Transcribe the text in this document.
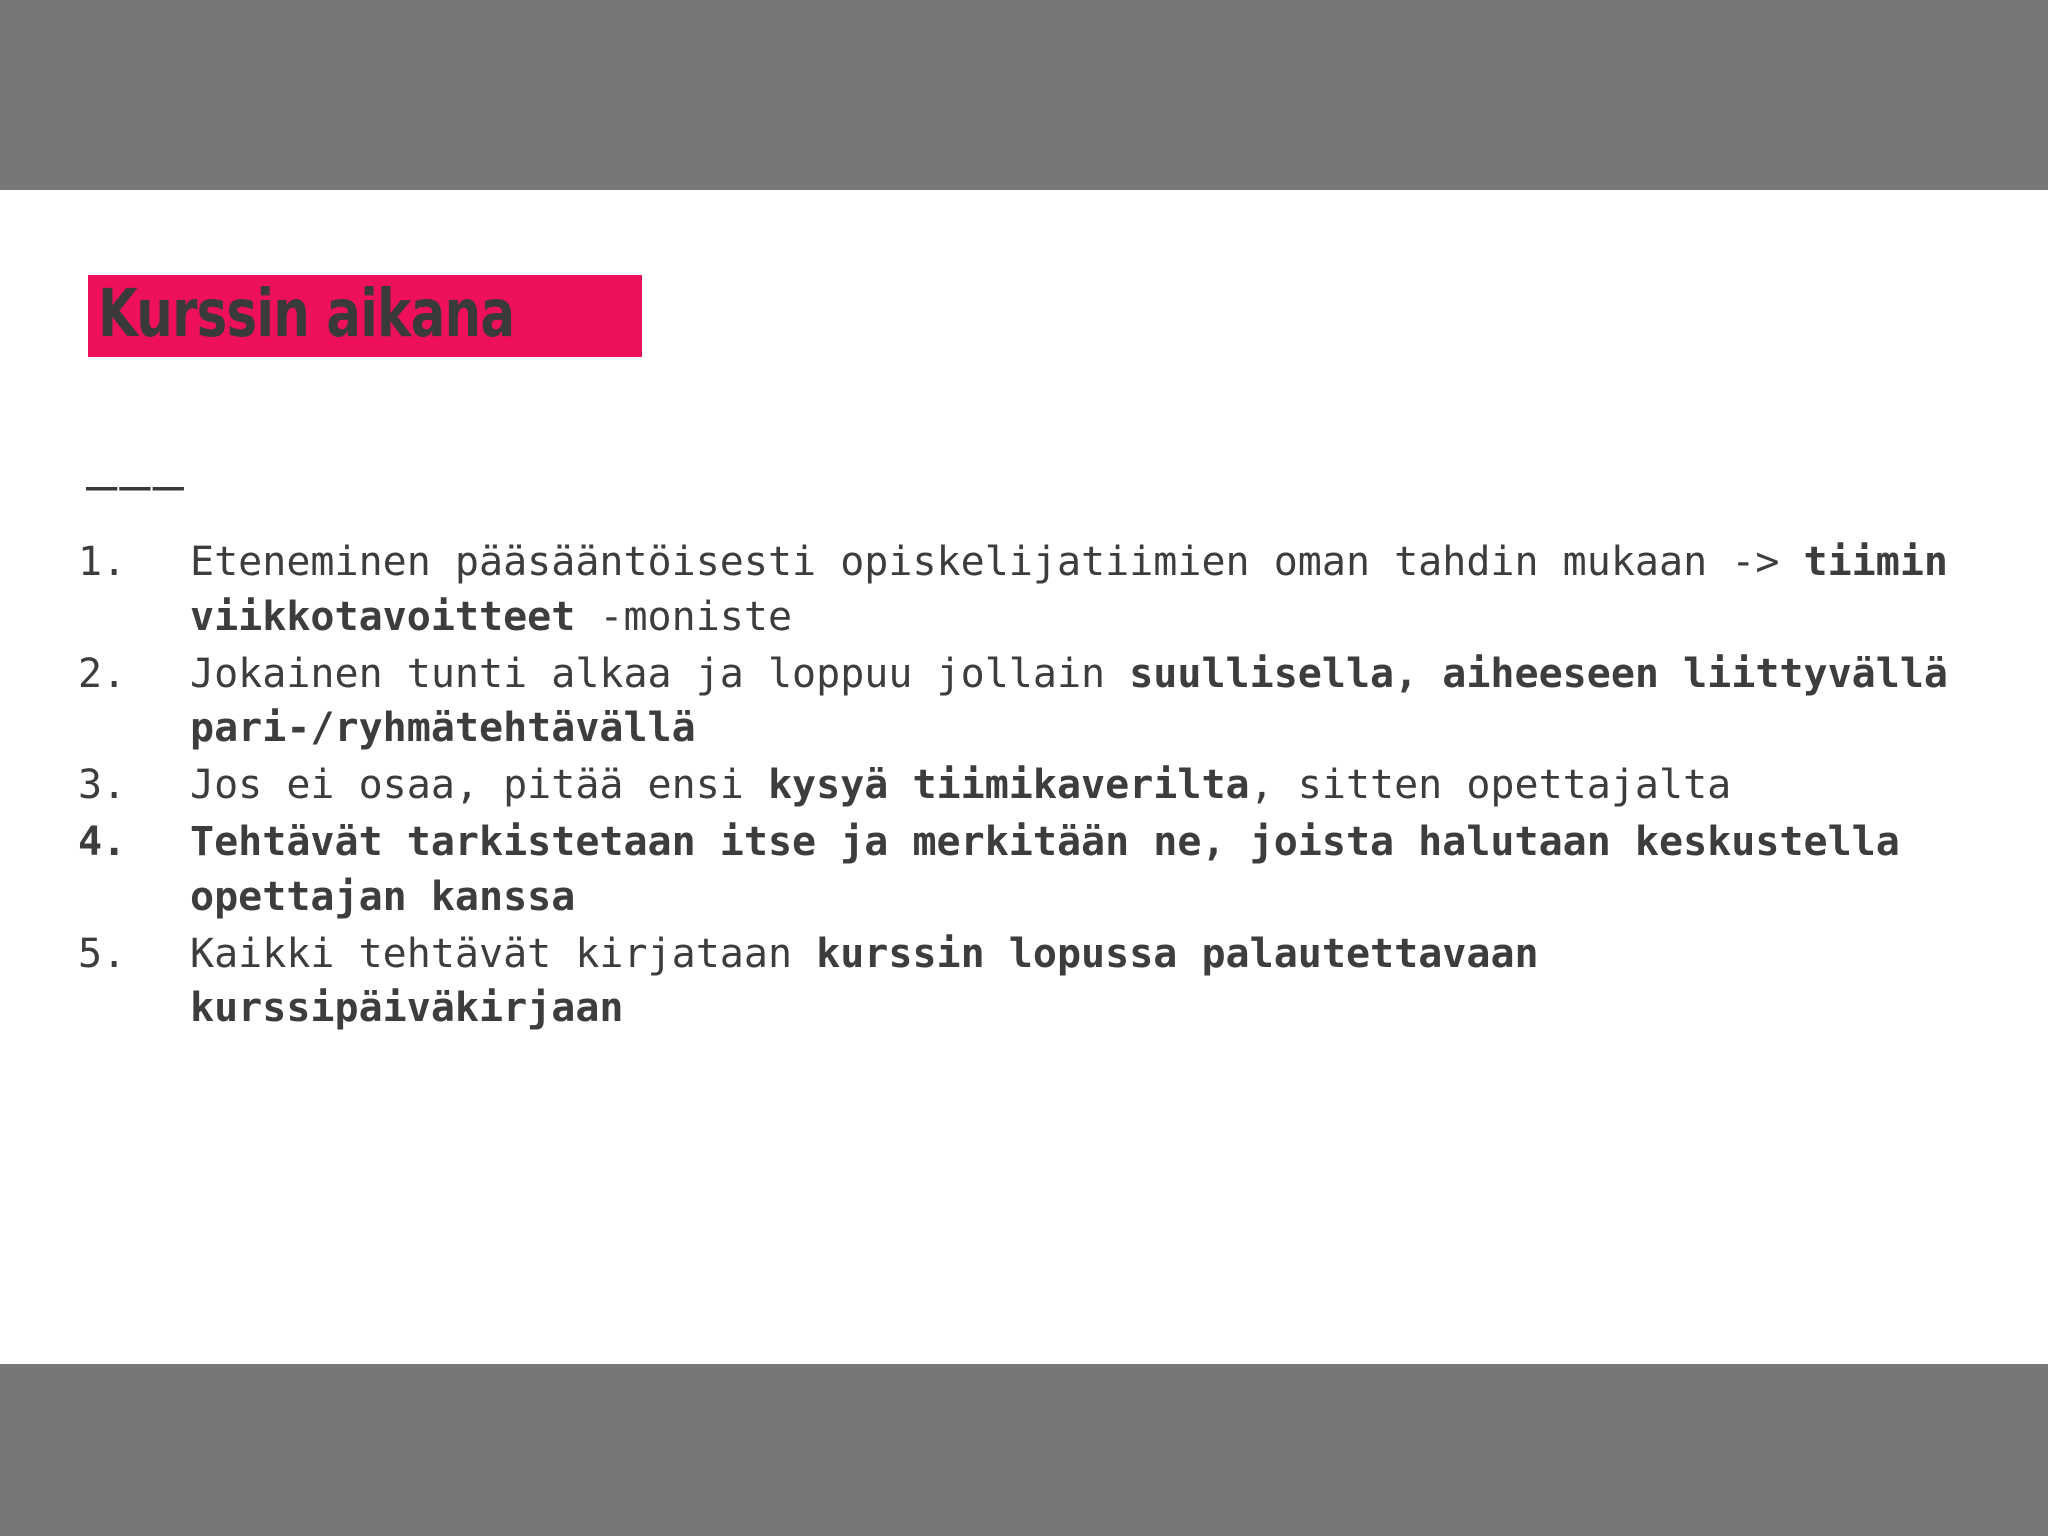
Kurssin aikana
———
1.	Eteneminen pääsääntöisesti opiskelijatiimien oman tahdin mukaan -> tiimin viikkotavoitteet -moniste
2.	Jokainen tunti alkaa ja loppuu jollain suullisella, aiheeseen liittyvällä pari-/ryhmätehtävällä
3.	Jos ei osaa, pitää ensi kysyä tiimikaverilta, sitten opettajalta
4.	Tehtävät tarkistetaan itse ja merkitään ne, joista halutaan keskustella opettajan kanssa
5.	Kaikki tehtävät kirjataan kurssin lopussa palautettavaan kurssipäiväkirjaan
